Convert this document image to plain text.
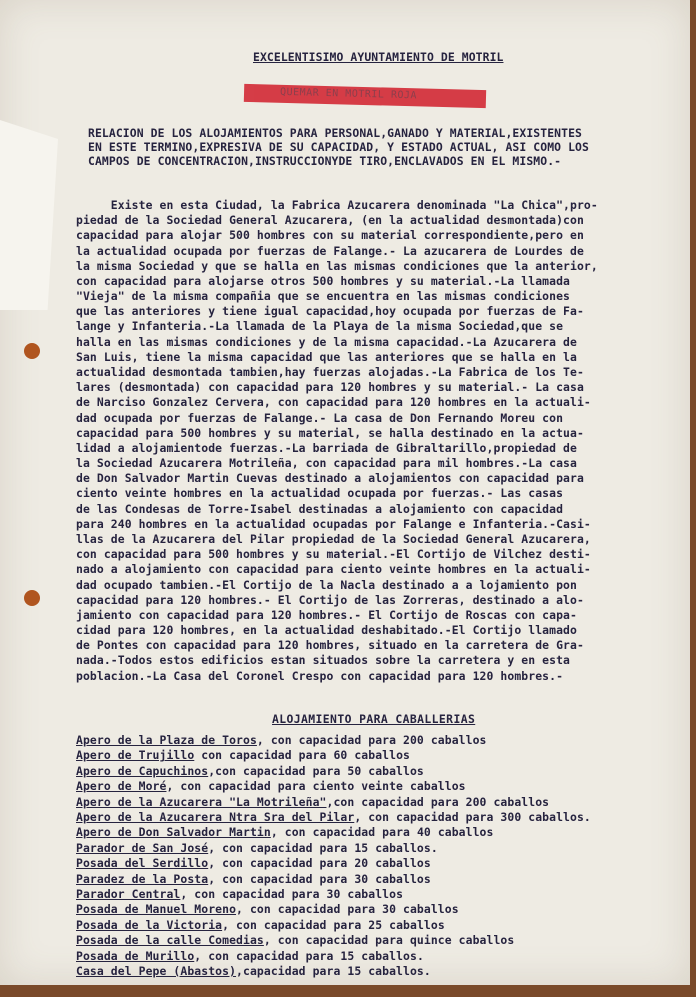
EXCELENTISIMO AYUNTAMIENTO DE MOTRIL
QUEMAR EN MOTRIL ROJA
RELACION DE LOS ALOJAMIENTOS PARA PERSONAL,GANADO Y MATERIAL,EXISTENTES
EN ESTE TERMINO,EXPRESIVA DE SU CAPACIDAD, Y ESTADO ACTUAL, ASI COMO LOS
CAMPOS DE CONCENTRACION,INSTRUCCIONYDE TIRO,ENCLAVADOS EN EL MISMO.-
Existe en esta Ciudad, la Fabrica Azucarera denominada "La Chica",pro-
piedad de la Sociedad General Azucarera, (en la actualidad desmontada)con
capacidad para alojar 500 hombres con su material correspondiente,pero en
la actualidad ocupada por fuerzas de Falange.- La azucarera de Lourdes de
la misma Sociedad y que se halla en las mismas condiciones que la anterior,
con capacidad para alojarse otros 500 hombres y su material.-La llamada
"Vieja" de la misma compañia que se encuentra en las mismas condiciones
que las anteriores y tiene igual capacidad,hoy ocupada por fuerzas de Fa-
lange y Infanteria.-La llamada de la Playa de la misma Sociedad,que se
halla en las mismas condiciones y de la misma capacidad.-La Azucarera de
San Luis, tiene la misma capacidad que las anteriores que se halla en la
actualidad desmontada tambien,hay fuerzas alojadas.-La Fabrica de los Te-
lares (desmontada) con capacidad para 120 hombres y su material.- La casa
de Narciso Gonzalez Cervera, con capacidad para 120 hombres en la actuali-
dad ocupada por fuerzas de Falange.- La casa de Don Fernando Moreu con
capacidad para 500 hombres y su material, se halla destinado en la actua-
lidad a alojamientode fuerzas.-La barriada de Gibraltarillo,propiedad de
la Sociedad Azucarera Motrileña, con capacidad para mil hombres.-La casa
de Don Salvador Martin Cuevas destinado a alojamientos con capacidad para
ciento veinte hombres en la actualidad ocupada por fuerzas.- Las casas
de las Condesas de Torre-Isabel destinadas a alojamiento con capacidad
para 240 hombres en la actualidad ocupadas por Falange e Infanteria.-Casi-
llas de la Azucarera del Pilar propiedad de la Sociedad General Azucarera,
con capacidad para 500 hombres y su material.-El Cortijo de Vilchez desti-
nado a alojamiento con capacidad para ciento veinte hombres en la actuali-
dad ocupado tambien.-El Cortijo de la Nacla destinado a a lojamiento pon
capacidad para 120 hombres.- El Cortijo de las Zorreras, destinado a alo-
jamiento con capacidad para 120 hombres.- El Cortijo de Roscas con capa-
cidad para 120 hombres, en la actualidad deshabitado.-El Cortijo llamado
de Pontes con capacidad para 120 hombres, situado en la carretera de Gra-
nada.-Todos estos edificios estan situados sobre la carretera y en esta
poblacion.-La Casa del Coronel Crespo con capacidad para 120 hombres.-
ALOJAMIENTO PARA CABALLERIAS
Apero de la Plaza de Toros, con capacidad para 200 caballos
Apero de Trujillo con capacidad para 60 caballos
Apero de Capuchinos,con capacidad para 50 caballos
Apero de Moré, con capacidad para ciento veinte caballos
Apero de la Azucarera "La Motrileña",con capacidad para 200 caballos
Apero de la Azucarera Ntra Sra del Pilar, con capacidad para 300 caballos.
Apero de Don Salvador Martin, con capacidad para 40 caballos
Parador de San José, con capacidad para 15 caballos.
Posada del Serdillo, con capacidad para 20 caballos
Paradez de la Posta, con capacidad para 30 caballos
Parador Central, con capacidad para 30 caballos
Posada de Manuel Moreno, con capacidad para 30 caballos
Posada de la Victoria, con capacidad para 25 caballos
Posada de la calle Comedias, con capacidad para quince caballos
Posada de Murillo, con capacidad para 15 caballos.
Casa del Pepe (Abastos),capacidad para 15 caballos.
